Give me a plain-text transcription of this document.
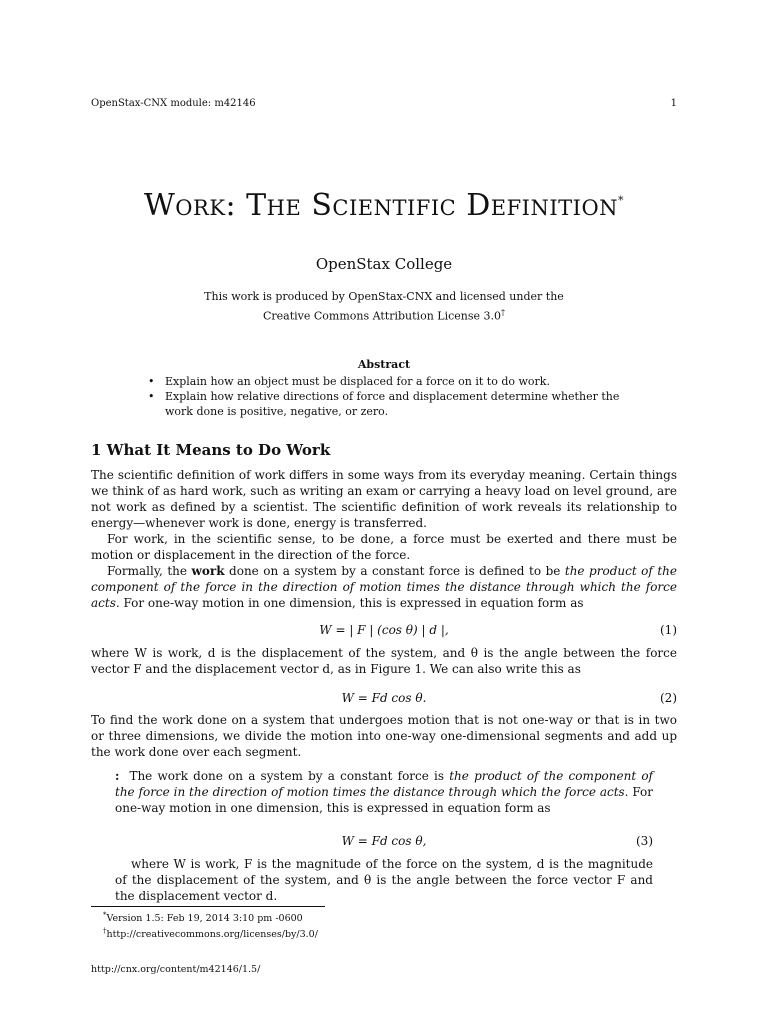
OpenStax-CNX module: m42146	1
Work: The Scientific Definition*
OpenStax College
This work is produced by OpenStax-CNX and licensed under the
Creative Commons Attribution License 3.0†
Abstract
• Explain how an object must be displaced for a force on it to do work.
• Explain how relative directions of force and displacement determine whether the work done is positive, negative, or zero.
1 What It Means to Do Work

The scientific definition of work differs in some ways from its everyday meaning. Certain things we think of as hard work, such as writing an exam or carrying a heavy load on level ground, are not work as defined by a scientist. The scientific definition of work reveals its relationship to energy—whenever work is done, energy is transferred.

For work, in the scientific sense, to be done, a force must be exerted and there must be motion or displacement in the direction of the force.

Formally, the work done on a system by a constant force is defined to be the product of the component of the force in the direction of motion times the distance through which the force acts. For one-way motion in one dimension, this is expressed in equation form as

W = | F | (cos θ) | d |,	(1)

where W is work, d is the displacement of the system, and θ is the angle between the force vector F and the displacement vector d, as in Figure 1. We can also write this as

W = Fd cos θ.	(2)

To find the work done on a system that undergoes motion that is not one-way or that is in two or three dimensions, we divide the motion into one-way one-dimensional segments and add up the work done over each segment.

: The work done on a system by a constant force is the product of the component of the force in the direction of motion times the distance through which the force acts. For one-way motion in one dimension, this is expressed in equation form as

W = Fd cos θ,	(3)

where W is work, F is the magnitude of the force on the system, d is the magnitude of the displacement of the system, and θ is the angle between the force vector F and the displacement vector d.

*Version 1.5: Feb 19, 2014 3:10 pm -0600
†http://creativecommons.org/licenses/by/3.0/
http://cnx.org/content/m42146/1.5/
